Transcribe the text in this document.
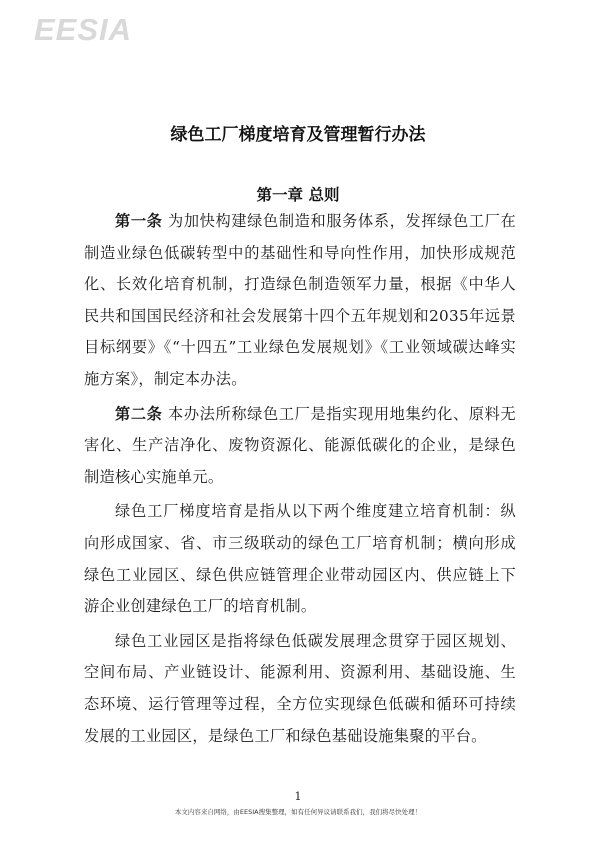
EESIA
绿色工厂梯度培育及管理暂行办法
第一章 总则

第一条 为加快构建绿色制造和服务体系，发挥绿色工厂在制造业绿色低碳转型中的基础性和导向性作用，加快形成规范化、长效化培育机制，打造绿色制造领军力量，根据《中华人民共和国国民经济和社会发展第十四个五年规划和2035年远景目标纲要》《“十四五”工业绿色发展规划》《工业领域碳达峰实施方案》，制定本办法。

第二条 本办法所称绿色工厂是指实现用地集约化、原料无害化、生产洁净化、废物资源化、能源低碳化的企业，是绿色制造核心实施单元。

绿色工厂梯度培育是指从以下两个维度建立培育机制：纵向形成国家、省、市三级联动的绿色工厂培育机制；横向形成绿色工业园区、绿色供应链管理企业带动园区内、供应链上下游企业创建绿色工厂的培育机制。

绿色工业园区是指将绿色低碳发展理念贯穿于园区规划、空间布局、产业链设计、能源利用、资源利用、基础设施、生态环境、运行管理等过程，全方位实现绿色低碳和循环可持续发展的工业园区，是绿色工厂和绿色基础设施集聚的平台。

1
本文内容来自网络，由EESIA搜集整理，如有任何异议请联系我们，我们将尽快处理！
